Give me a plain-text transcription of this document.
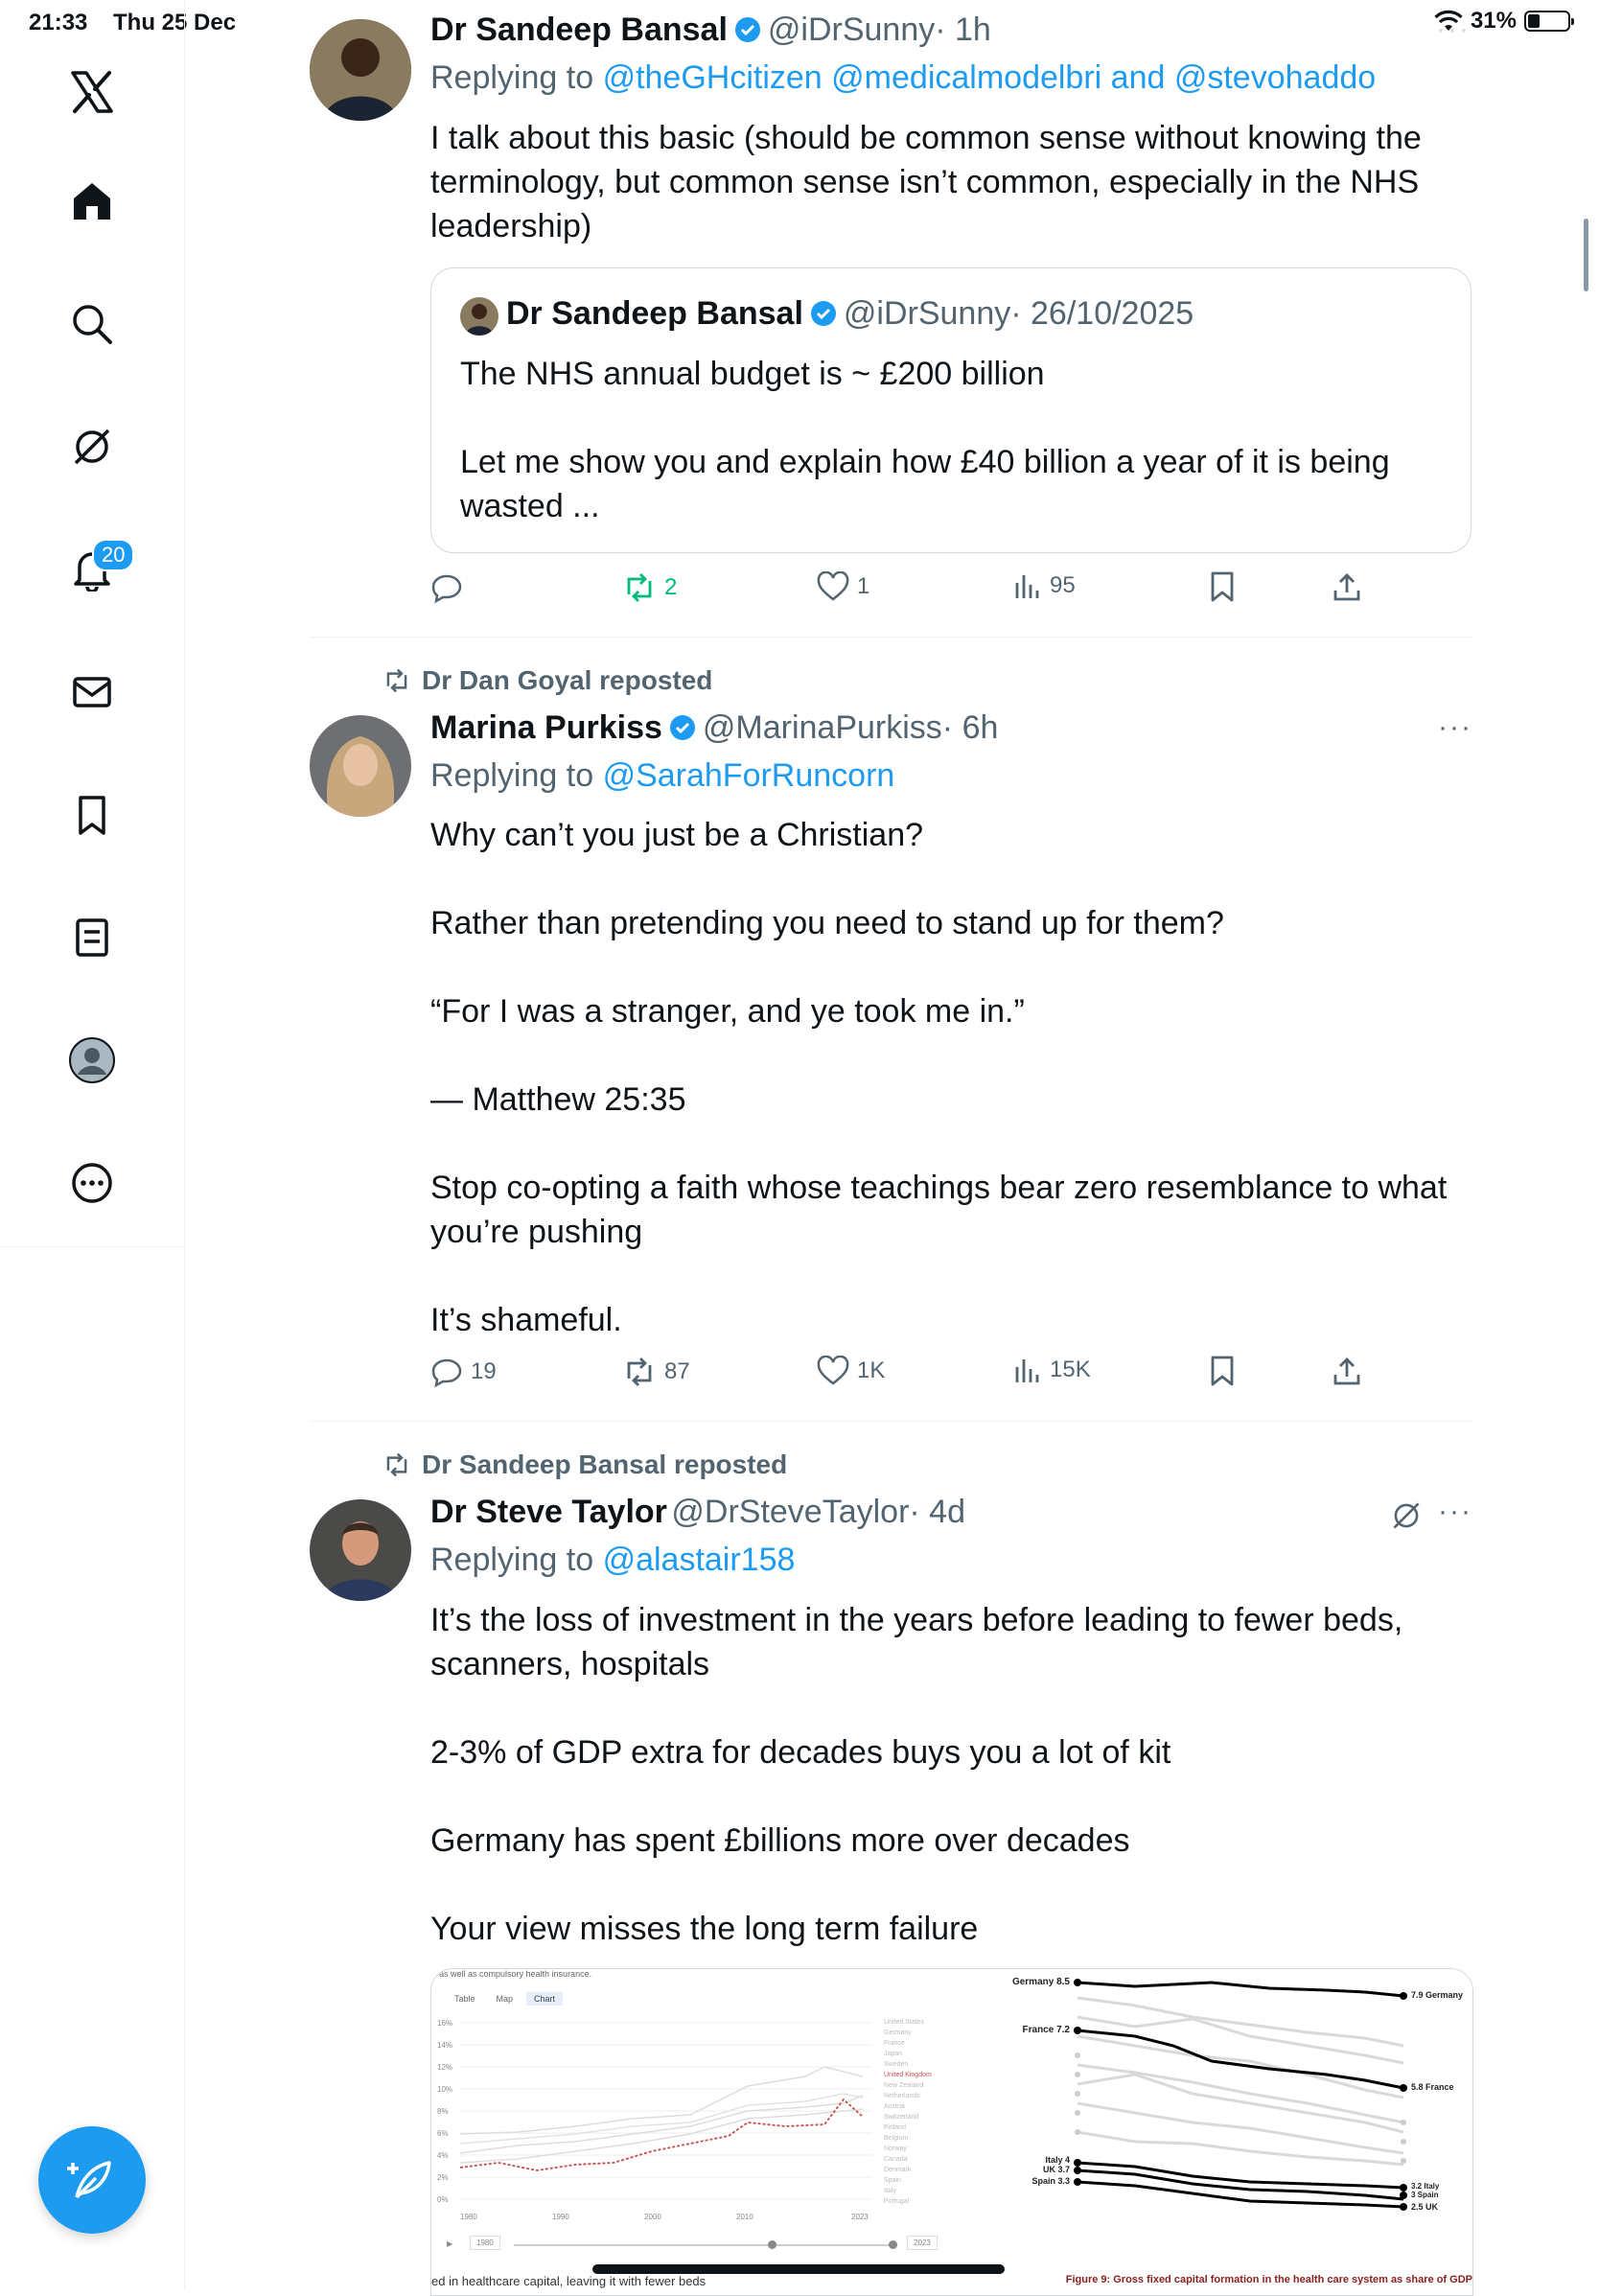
21:33 Thu 25 Dec	31%
20
···
Dr Sandeep Bansal @iDrSunny· 1h
Replying to @theGHcitizen @medicalmodelbri and @stevohaddo
I talk about this basic (should be common sense without knowing the
terminology, but common sense isn’t common, especially in the NHS
leadership)
Dr Sandeep Bansal @iDrSunny· 26/10/2025
The NHS annual budget is ~ £200 billion

Let me show you and explain how £40 billion a year of it is being
wasted ...
2	1	95
Dr Dan Goyal reposted
Marina Purkiss @MarinaPurkiss· 6h	···
Replying to @SarahForRuncorn
Why can’t you just be a Christian?

Rather than pretending you need to stand up for them?

“For I was a stranger, and ye took me in.”

— Matthew 25:35

Stop co-opting a faith whose teachings bear zero resemblance to what
you’re pushing

It’s shameful.
19	87	1K	15K
Dr Sandeep Bansal reposted
Dr Steve Taylor @DrSteveTaylor· 4d	···
Replying to @alastair158
It’s the loss of investment in the years before leading to fewer beds,
scanners, hospitals

2-3% of GDP extra for decades buys you a lot of kit

Germany has spent £billions more over decades

Your view misses the long term failure
as well as compulsory health insurance.
Table	Map	Chart
16%
14%
12%
10%
8%
6%
4%
2%
0%
United States
Germany
France
Japan
Sweden
United Kingdom
New Zealand
Netherlands
Austria
Switzerland
Finland
Belgium
Norway
Canada
Denmark
Spain
Italy
Portugal
1980	1990	2000	2010	2023
▶	1980	2023
ed in healthcare capital, leaving it with fewer beds
Germany 8.5
France 7.2
Italy 4
UK 3.7
Spain 3.3
7.9 Germany
5.8 France
3.2 Italy
3 Spain
2.5 UK
Figure 9: Gross fixed capital formation in the health care system as share of GDP
